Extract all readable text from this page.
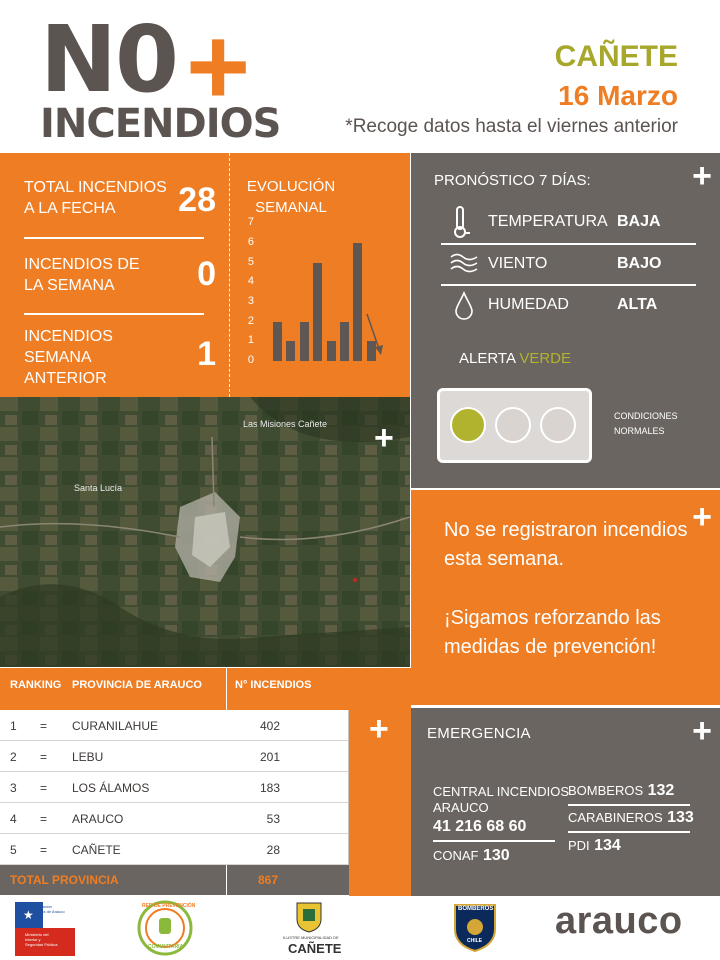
N0 +
INCENDIOS
CAÑETE
16 Marzo
*Recoge datos hasta el viernes anterior
TOTAL INCENDIOS
A LA FECHA	28
INCENDIOS DE
LA SEMANA	0
INCENDIOS
SEMANA
ANTERIOR
1
EVOLUCIÓN
SEMANAL
0
1
2
3
4
5
6
7
PRONÓSTICO 7 DÍAS:	+
TEMPERATURA BAJA
VIENTO	BAJO
HUMEDAD	ALTA
ALERTA VERDE
CONDICIONES
NORMALES
Las Misiones Cañete
Santa Lucía
+
+
No se registraron incendios esta semana.
¡Sigamos reforzando las medidas de prevención!
RANKING PROVINCIA DE ARAUCO	N° INCENDIOS
1 = CURANILAHUE	402
2 = LEBU	201
3 = LOS ÁLAMOS	183
4 = ARAUCO	53
5 = CAÑETE	28
TOTAL PROVINCIA	867
+	EMERGENCIA	+
CENTRAL INCENDIOS
ARAUCO
41 216 68 60
CONAF 130
BOMBEROS 132
CARABINEROS 133
PDI 134
★
Gobernación
Provincia de Arauco
Ministerio del
Interior y
Seguridad Pública
RED DE PREVENCIÓN
COMUNITARIA
ILUSTRE MUNICIPALIDAD DE
CAÑETE
BOMBEROS
CHILE arauco
